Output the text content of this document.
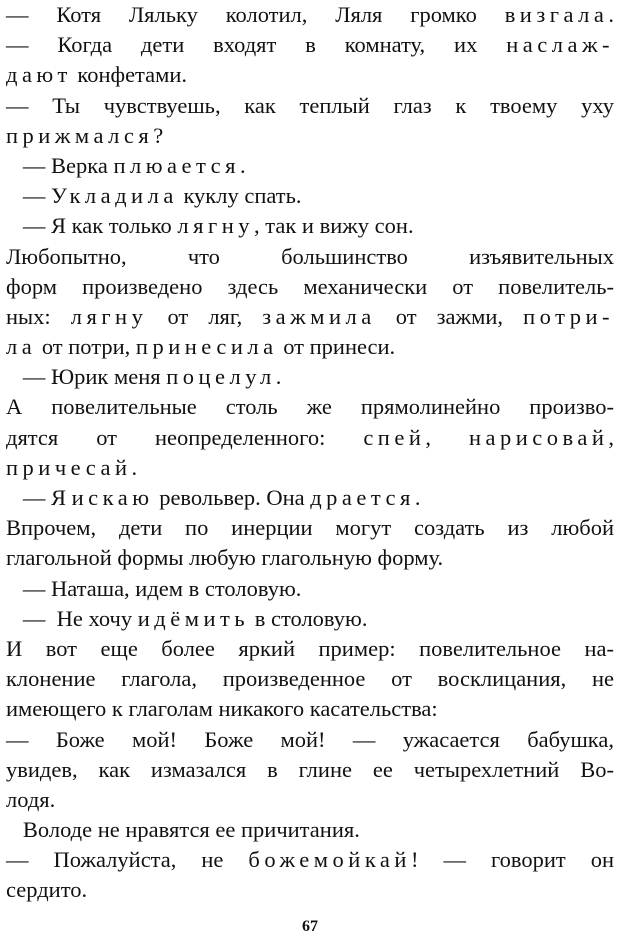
— Котя Ляльку колотил, Ляля громко визгала.
— Когда дети входят в комнату, их наслаж-
дают конфетами.
— Ты чувствуешь, как теплый глаз к твоему уху
прижмался?
— Верка плюается.
— Укладила куклу спать.
— Я как только лягну, так и вижу сон.
Любопытно, что большинство изъявительных
форм произведено здесь механически от повелитель-
ных: лягну от ляг, зажмила от зажми, потри-
ла от потри, принесила от принеси.
— Юрик меня поцелул.
А повелительные столь же прямолинейно произво-
дятся от неопределенного: спей, нарисовай,
причесай.
— Я искаю револьвер. Она драется.
Впрочем, дети по инерции могут создать из любой
глагольной формы любую глагольную форму.
— Наташа, идем в столовую.
—  Не хочу идёмить в столовую.
И вот еще более яркий пример: повелительное на-
клонение глагола, произведенное от восклицания, не
имеющего к глаголам никакого касательства:
— Боже мой! Боже мой! — ужасается бабушка,
увидев, как измазался в глине ее четырехлетний Во-
лодя.
Володе не нравятся ее причитания.
— Пожалуйста, не божемойкай! — говорит он
сердито.
67
